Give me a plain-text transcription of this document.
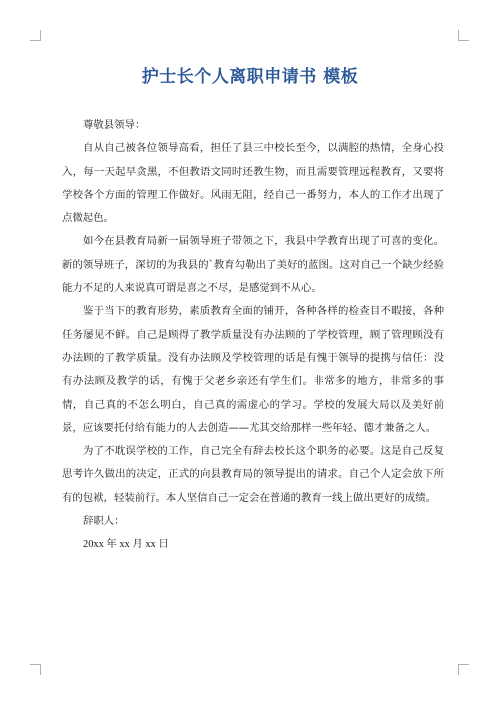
护士长个人离职申请书 模板

尊敬县领导：

自从自己被各位领导高看，担任了县三中校长至今，以满腔的热情，全身心投入，每一天起早贪黑，不但教语文同时还教生物，而且需要管理远程教育，又要将学校各个方面的管理工作做好。风雨无阻，经自己一番努力，本人的工作才出现了点微起色。

如今在县教育局新一届领导班子带领之下，我县中学教育出现了可喜的变化。新的领导班子，深切的为我县的`教育勾勒出了美好的蓝图。这对自己一个缺少经验能力不足的人来说真可谓是喜之不尽，是感觉到不从心。

鉴于当下的教育形势，素质教育全面的铺开，各种各样的检查目不暇接，各种任务屡见不鲜。自己是顾得了教学质量没有办法顾的了学校管理，顾了管理顾没有办法顾的了教学质量。没有办法顾及学校管理的话是有愧于领导的提携与信任：没有办法顾及教学的话，有愧于父老乡亲还有学生们。非常多的地方，非常多的事情，自己真的不怎么明白，自己真的需虚心的学习。学校的发展大局以及美好前景，应该要托付给有能力的人去创造——尤其交给那样一些年轻、德才兼备之人。

为了不耽误学校的工作，自己完全有辞去校长这个职务的必要。这是自己反复思考许久做出的决定，正式的向县教育局的领导提出的请求。自己个人定会放下所有的包袱，轻装前行。本人坚信自己一定会在普通的教育一线上做出更好的成绩。

辞职人：

20xx 年 xx 月 xx 日
